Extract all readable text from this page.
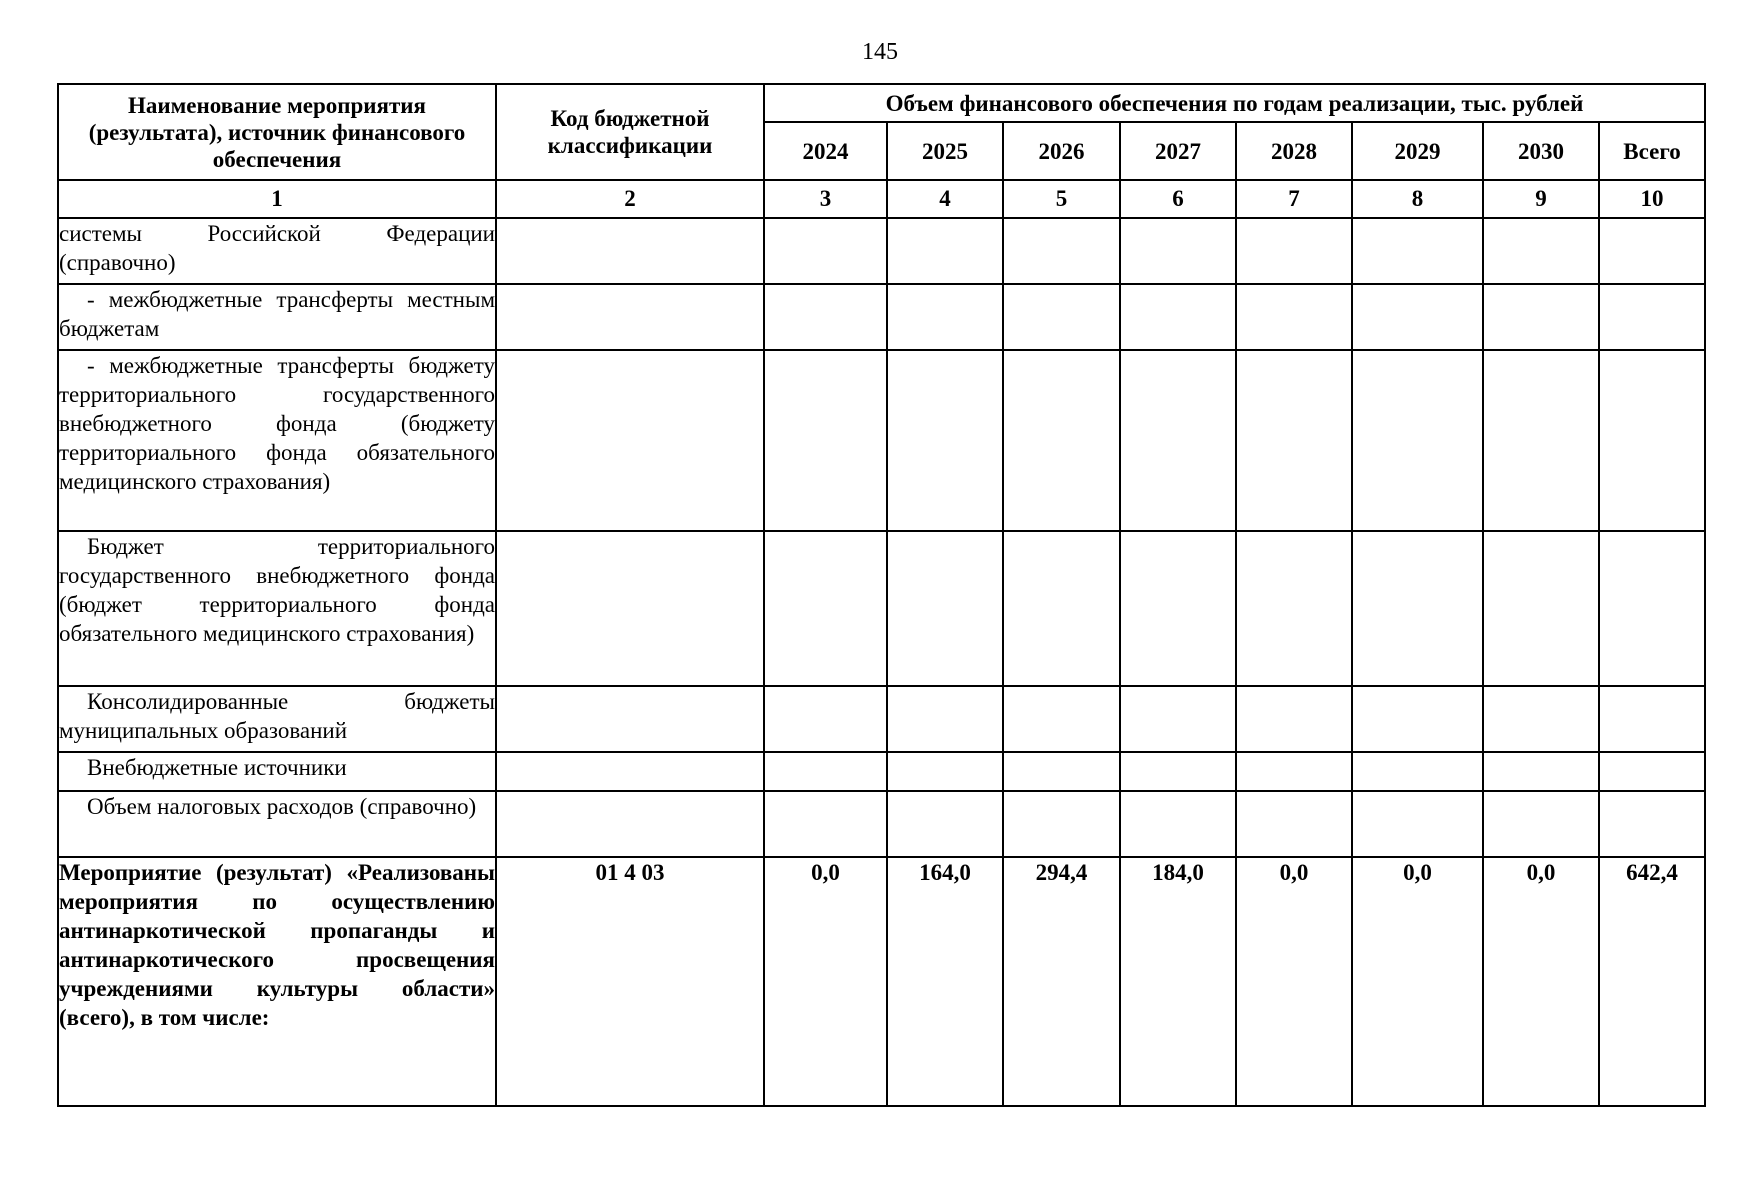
145
Наименование мероприятия (результата), источник финансового обеспечения	Код бюджетной классификации	Объем финансового обеспечения по годам реализации, тыс. рублей							
		2024	2025	2026	2027	2028	2029	2030	Всего
1	2	3	4	5	6	7	8	9	10
системы Российской Федерации (справочно)									
- межбюджетные трансферты местным бюджетам									
- межбюджетные трансферты бюджету территориального государственного внебюджетного фонда (бюджету территориального фонда обязательного медицинского страхования)									
Бюджет территориального государственного внебюджетного фонда (бюджет территориального фонда обязательного медицинского страхования)									
Консолидированные бюджеты муниципальных образований									
Внебюджетные источники									
Объем налоговых расходов (справочно)									
Мероприятие (результат) «Реализованы мероприятия по осуществлению антинаркотической пропаганды и антинаркотического просвещения учреждениями культуры области» (всего), в том числе:	01 4 03	0,0	164,0	294,4	184,0	0,0	0,0	0,0	642,4
